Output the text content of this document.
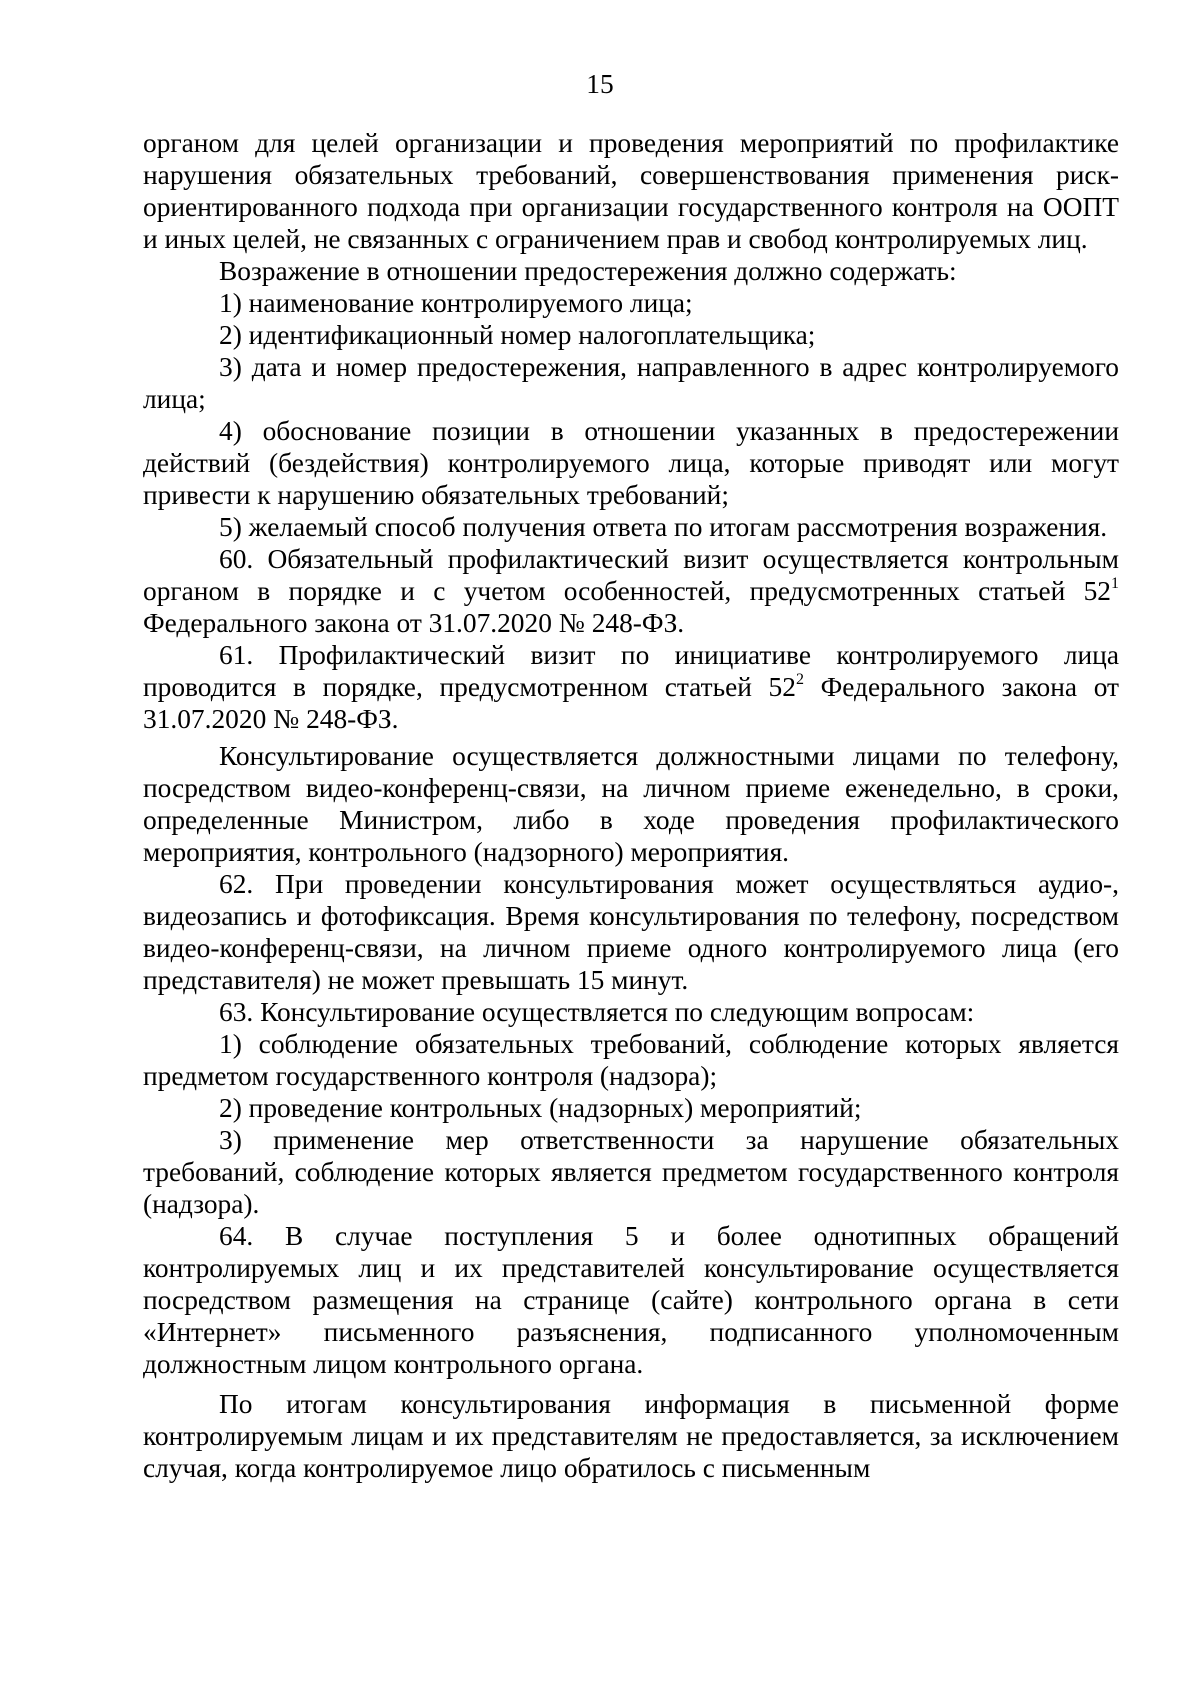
15

органом для целей организации и проведения мероприятий по профилактике нарушения обязательных требований, совершенствования применения риск-ориентированного подхода при организации государственного контроля на ООПТ и иных целей, не связанных с ограничением прав и свобод контролируемых лиц.

Возражение в отношении предостережения должно содержать:

1) наименование контролируемого лица;

2) идентификационный номер налогоплательщика;

3) дата и номер предостережения, направленного в адрес контролируемого лица;

4) обоснование позиции в отношении указанных в предостережении действий (бездействия) контролируемого лица, которые приводят или могут привести к нарушению обязательных требований;

5) желаемый способ получения ответа по итогам рассмотрения возражения.

60. Обязательный профилактический визит осуществляется контрольным органом в порядке и с учетом особенностей, предусмотренных статьей $52^1$ Федерального закона от 31.07.2020 № 248-ФЗ.

61. Профилактический визит по инициативе контролируемого лица проводится в порядке, предусмотренном статьей $52^2$ Федерального закона от 31.07.2020 № 248-ФЗ.

Консультирование осуществляется должностными лицами по телефону, посредством видео-конференц-связи, на личном приеме еженедельно, в сроки, определенные Министром, либо в ходе проведения профилактического мероприятия, контрольного (надзорного) мероприятия.

62. При проведении консультирования может осуществляться аудио-, видеозапись и фотофиксация. Время консультирования по телефону, посредством видео-конференц-связи, на личном приеме одного контролируемого лица (его представителя) не может превышать 15 минут.

63. Консультирование осуществляется по следующим вопросам:

1) соблюдение обязательных требований, соблюдение которых является предметом государственного контроля (надзора);

2) проведение контрольных (надзорных) мероприятий;

3) применение мер ответственности за нарушение обязательных требований, соблюдение которых является предметом государственного контроля (надзора).

64. В случае поступления 5 и более однотипных обращений контролируемых лиц и их представителей консультирование осуществляется посредством размещения на странице (сайте) контрольного органа в сети «Интернет» письменного разъяснения, подписанного уполномоченным должностным лицом контрольного органа.

По итогам консультирования информация в письменной форме контролируемым лицам и их представителям не предоставляется, за исключением случая, когда контролируемое лицо обратилось с письменным
